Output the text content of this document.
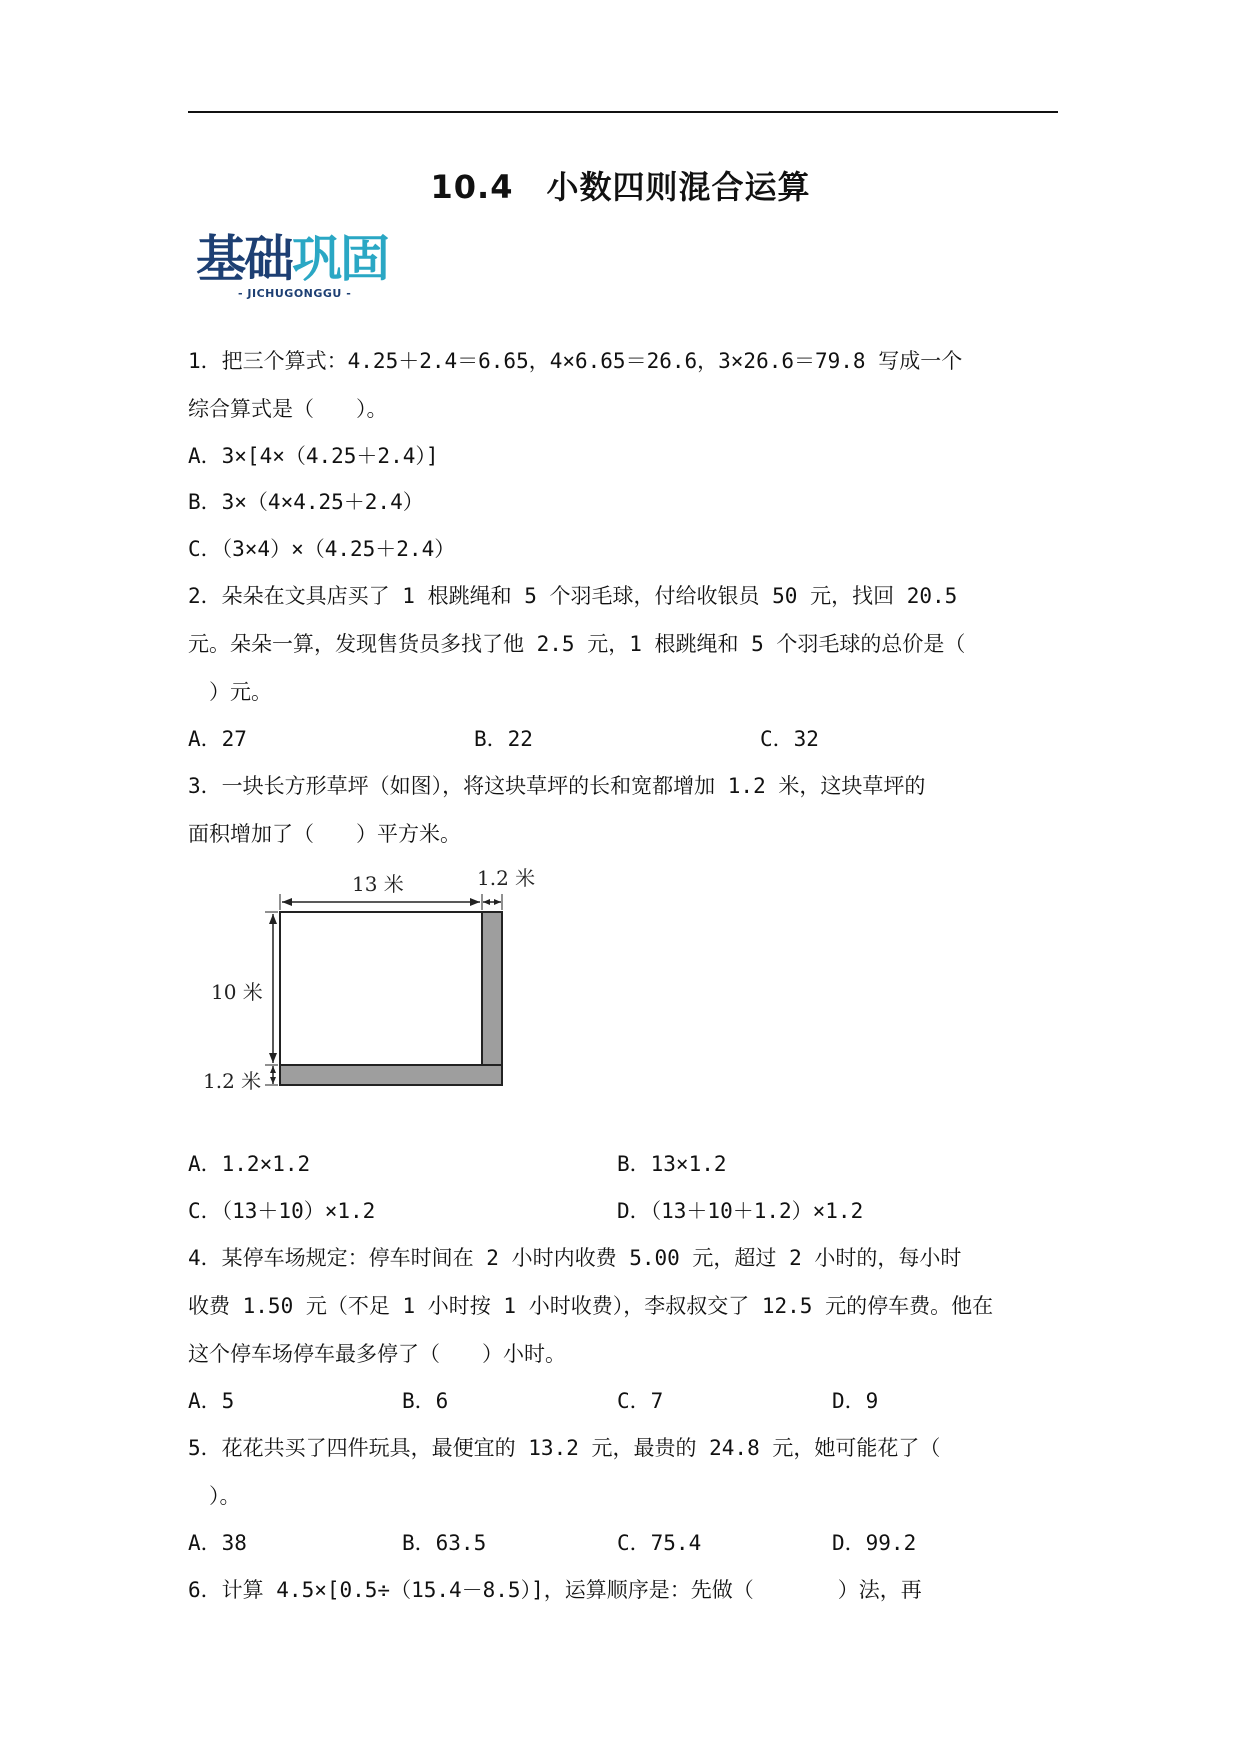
10.4　小数四则混合运算
基础巩固
- JICHUGONGGU -
1．把三个算式：4.25＋2.4＝6.65，4×6.65＝26.6，3×26.6＝79.8 写成一个
综合算式是（　　）。
A．3×[4×（4.25＋2.4）]
B．3×（4×4.25＋2.4）
C．（3×4）×（4.25＋2.4）
2．朵朵在文具店买了 1 根跳绳和 5 个羽毛球，付给收银员 50 元，找回 20.5
元。朵朵一算，发现售货员多找了他 2.5 元，1 根跳绳和 5 个羽毛球的总价是（
　）元。
A．27	B．22	C．32
3．一块长方形草坪（如图），将这块草坪的长和宽都增加 1.2 米，这块草坪的
面积增加了（　　）平方米。
13 米	1.2 米
10 米
1.2 米
A．1.2×1.2	B．13×1.2
C．（13＋10）×1.2	D．（13＋10＋1.2）×1.2
4．某停车场规定：停车时间在 2 小时内收费 5.00 元，超过 2 小时的，每小时
收费 1.50 元（不足 1 小时按 1 小时收费），李叔叔交了 12.5 元的停车费。他在
这个停车场停车最多停了（　　）小时。
A．5	B．6	C．7	D．9
5．花花共买了四件玩具，最便宜的 13.2 元，最贵的 24.8 元，她可能花了（
　）。
A．38	B．63.5	C．75.4	D．99.2
6．计算 4.5×[0.5÷（15.4－8.5）]，运算顺序是：先做（　　　　）法，再
